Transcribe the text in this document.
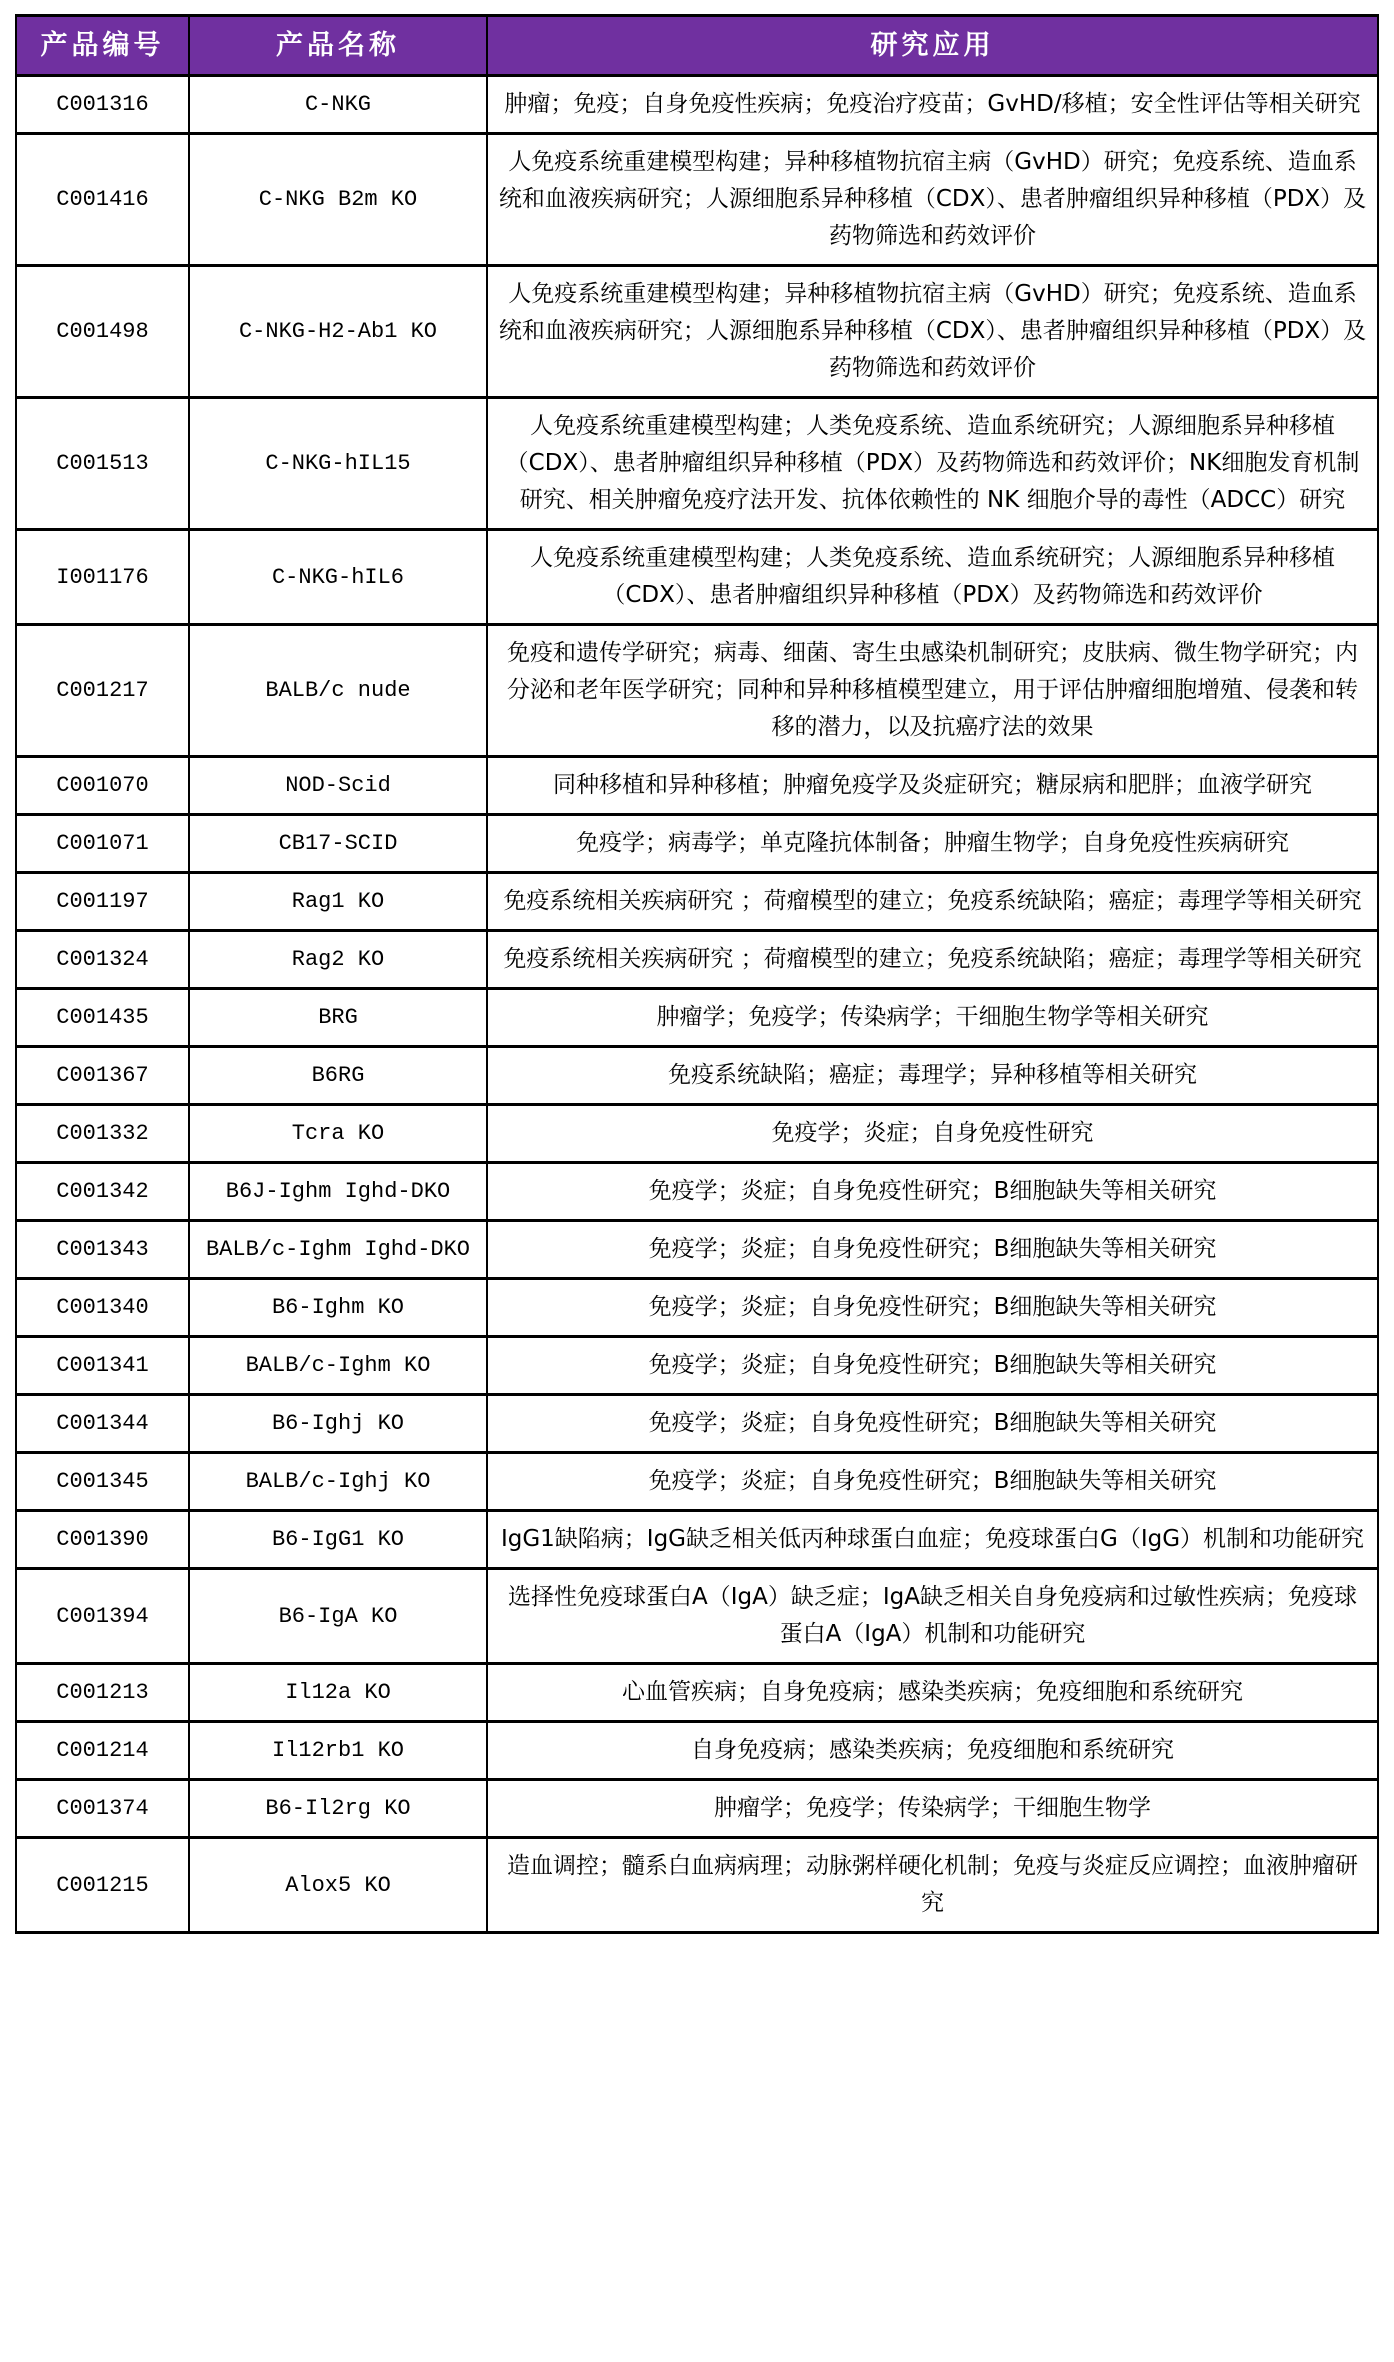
产品编号	产品名称	研究应用
C001316	C-NKG	肿瘤；免疫；自身免疫性疾病；免疫治疗疫苗；GvHD/移植；安全性评估等相关研究
C001416	C-NKG B2m KO	人免疫系统重建模型构建；异种移植物抗宿主病（GvHD）研究；免疫系统、造血系统和血液疾病研究；人源细胞系异种移植（CDX）、患者肿瘤组织异种移植（PDX）及药物筛选和药效评价
C001498	C-NKG-H2-Ab1 KO	人免疫系统重建模型构建；异种移植物抗宿主病（GvHD）研究；免疫系统、造血系统和血液疾病研究；人源细胞系异种移植（CDX）、患者肿瘤组织异种移植（PDX）及药物筛选和药效评价
C001513	C-NKG-hIL15	人免疫系统重建模型构建；人类免疫系统、造血系统研究；人源细胞系异种移植（CDX）、患者肿瘤组织异种移植（PDX）及药物筛选和药效评价；NK细胞发育机制研究、相关肿瘤免疫疗法开发、抗体依赖性的 NK 细胞介导的毒性（ADCC）研究
I001176	C-NKG-hIL6	人免疫系统重建模型构建；人类免疫系统、造血系统研究；人源细胞系异种移植（CDX）、患者肿瘤组织异种移植（PDX）及药物筛选和药效评价
C001217	BALB/c nude	免疫和遗传学研究；病毒、细菌、寄生虫感染机制研究；皮肤病、微生物学研究；内分泌和老年医学研究；同种和异种移植模型建立，用于评估肿瘤细胞增殖、侵袭和转移的潜力，以及抗癌疗法的效果
C001070	NOD-Scid	同种移植和异种移植；肿瘤免疫学及炎症研究；糖尿病和肥胖；血液学研究
C001071	CB17-SCID	免疫学；病毒学；单克隆抗体制备；肿瘤生物学；自身免疫性疾病研究
C001197	Rag1 KO	免疫系统相关疾病研究 ；荷瘤模型的建立；免疫系统缺陷；癌症；毒理学等相关研究
C001324	Rag2 KO	免疫系统相关疾病研究 ；荷瘤模型的建立；免疫系统缺陷；癌症；毒理学等相关研究
C001435	BRG	肿瘤学；免疫学；传染病学；干细胞生物学等相关研究
C001367	B6RG	免疫系统缺陷；癌症；毒理学；异种移植等相关研究
C001332	Tcra KO	免疫学；炎症；自身免疫性研究
C001342	B6J-Ighm Ighd-DKO	免疫学；炎症；自身免疫性研究；B细胞缺失等相关研究
C001343	BALB/c-Ighm Ighd-DKO	免疫学；炎症；自身免疫性研究；B细胞缺失等相关研究
C001340	B6-Ighm KO	免疫学；炎症；自身免疫性研究；B细胞缺失等相关研究
C001341	BALB/c-Ighm KO	免疫学；炎症；自身免疫性研究；B细胞缺失等相关研究
C001344	B6-Ighj KO	免疫学；炎症；自身免疫性研究；B细胞缺失等相关研究
C001345	BALB/c-Ighj KO	免疫学；炎症；自身免疫性研究；B细胞缺失等相关研究
C001390	B6-IgG1 KO	IgG1缺陷病；IgG缺乏相关低丙种球蛋白血症；免疫球蛋白G（IgG）机制和功能研究
C001394	B6-IgA KO	选择性免疫球蛋白A（IgA）缺乏症；IgA缺乏相关自身免疫病和过敏性疾病；免疫球蛋白A（IgA）机制和功能研究
C001213	Il12a KO	心血管疾病；自身免疫病；感染类疾病；免疫细胞和系统研究
C001214	Il12rb1 KO	自身免疫病；感染类疾病；免疫细胞和系统研究
C001374	B6-Il2rg KO	肿瘤学；免疫学；传染病学；干细胞生物学
C001215	Alox5 KO	造血调控；髓系白血病病理；动脉粥样硬化机制；免疫与炎症反应调控；血液肿瘤研究
